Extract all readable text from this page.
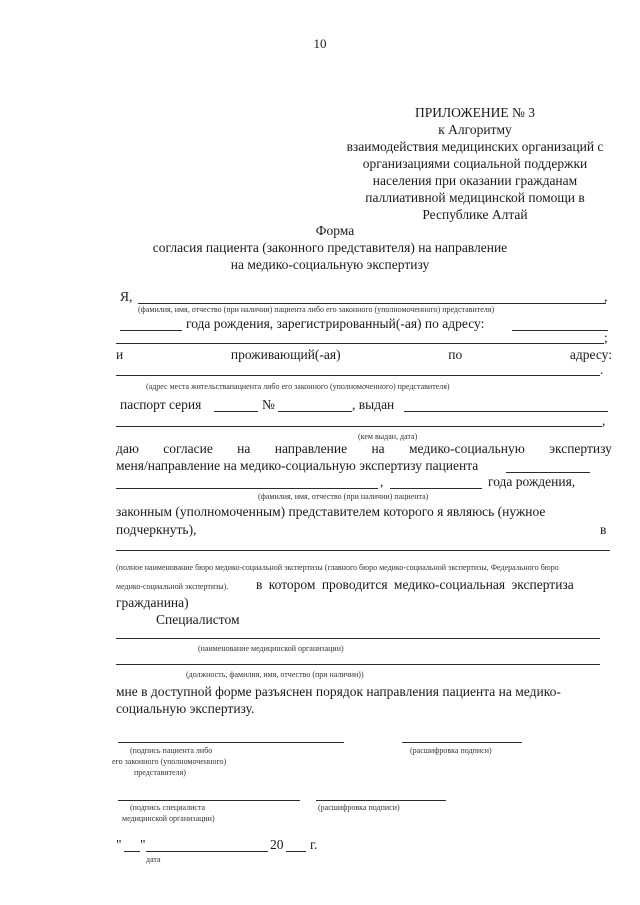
10
ПРИЛОЖЕНИЕ № 3
к Алгоритму
взаимодействия медицинских организаций с
организациями социальной поддержки
населения при оказании гражданам
паллиативной медицинской помощи в
Республике Алтай
Форма
согласия пациента (законного представителя) на направление
на медико-социальную экспертизу
Я,	,
(фамилия, имя, отчество (при наличии) пациента либо его законного (уполномоченного) представителя)
года рождения, зарегистрированный(-ая) по адресу:
;
и	проживающий(-ая)	по	адресу:
.
(адрес места жительствапациента либо его законного (уполномоченного) представителя)
паспорт серия	№	, выдан
,
(кем выдан, дата)
даю согласие на направление на медико-социальную экспертизу
меня/направление на медико-социальную экспертизу пациента
,	года рождения,
(фамилия, имя, отчество (при наличии) пациента)
законным (уполномоченным) представителем которого я являюсь (нужное
подчеркнуть),	в
(полное наименование бюро медико-социальной экспертизы (главного бюро медико-социальной экспертизы, Федерального бюро
медико-социальной экспертизы). в котором проводится медико-социальная экспертиза
гражданина)
Специалистом
(наименование медицинской организации)
(должность, фамилия, имя, отчество (при наличии))
мне в доступной форме разъяснен порядок направления пациента на медико-
социальную экспертизу.
(подпись пациента либо
его законного (уполномоченного)
представителя)
(расшифровка подписи)
(подпись специалиста
медицинской организации)
(расшифровка подписи)
" "	20 г.
дата
